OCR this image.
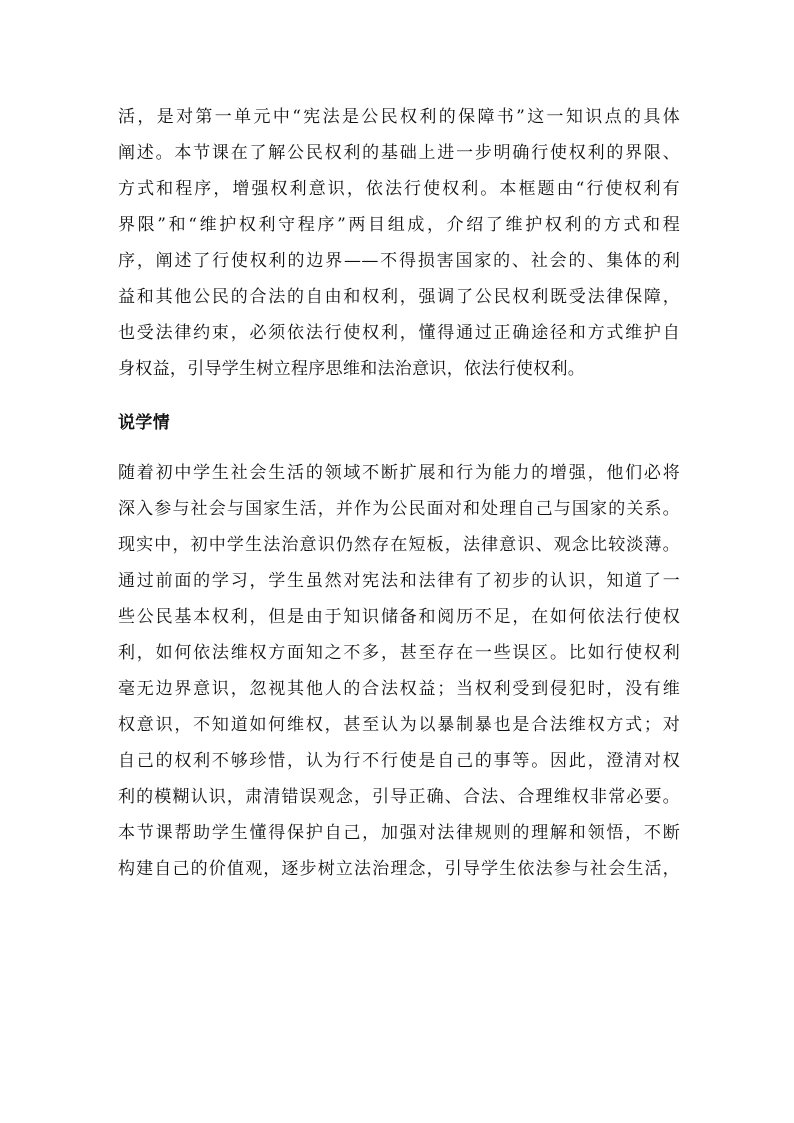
活，是对第一单元中“宪法是公民权利的保障书”这一知识点的具体
阐述。本节课在了解公民权利的基础上进一步明确行使权利的界限、
方式和程序，增强权利意识，依法行使权利。本框题由“行使权利有
界限”和“维护权利守程序”两目组成，介绍了维护权利的方式和程
序，阐述了行使权利的边界——不得损害国家的、社会的、集体的利
益和其他公民的合法的自由和权利，强调了公民权利既受法律保障，
也受法律约束，必须依法行使权利，懂得通过正确途径和方式维护自
身权益，引导学生树立程序思维和法治意识，依法行使权利。
说学情
随着初中学生社会生活的领域不断扩展和行为能力的增强，他们必将
深入参与社会与国家生活，并作为公民面对和处理自己与国家的关系。
现实中，初中学生法治意识仍然存在短板，法律意识、观念比较淡薄。
通过前面的学习，学生虽然对宪法和法律有了初步的认识，知道了一
些公民基本权利，但是由于知识储备和阅历不足，在如何依法行使权
利，如何依法维权方面知之不多，甚至存在一些误区。比如行使权利
毫无边界意识，忽视其他人的合法权益；当权利受到侵犯时，没有维
权意识，不知道如何维权，甚至认为以暴制暴也是合法维权方式；对
自己的权利不够珍惜，认为行不行使是自己的事等。因此，澄清对权
利的模糊认识，肃清错误观念，引导正确、合法、合理维权非常必要。
本节课帮助学生懂得保护自己，加强对法律规则的理解和领悟，不断
构建自己的价值观，逐步树立法治理念，引导学生依法参与社会生活，
